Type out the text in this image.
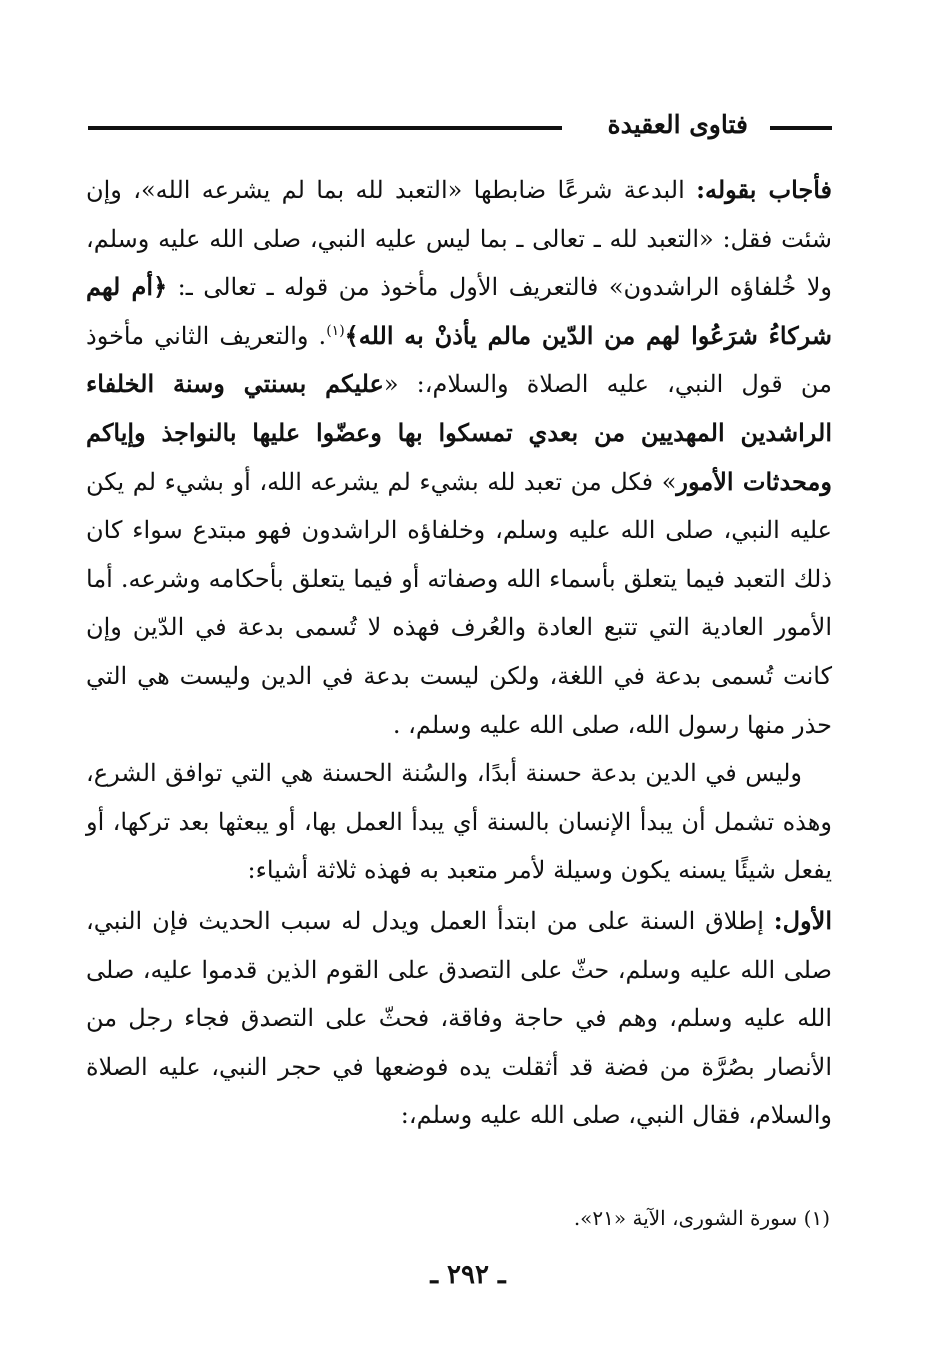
فتاوى العقيدة

فأجاب بقوله: البدعة شرعًا ضابطها «التعبد لله بما لم يشرعه الله»، وإن شئت فقل: «التعبد لله ـ تعالى ـ بما ليس عليه النبي، صلى الله عليه وسلم، ولا خُلفاؤه الراشدون» فالتعريف الأول مأخوذ من قوله ـ تعالى ـ: ﴿أم لهم شركاءُ شرَعُوا لهم من الدّين مالم يأذنْ به الله﴾$^{(١)}$. والتعريف الثاني مأخوذ من قول النبي، عليه الصلاة والسلام،: «عليكم بسنتي وسنة الخلفاء الراشدين المهديين من بعدي تمسكوا بها وعضّوا عليها بالنواجذ وإياكم ومحدثات الأمور» فكل من تعبد لله بشيء لم يشرعه الله، أو بشيء لم يكن عليه النبي، صلى الله عليه وسلم، وخلفاؤه الراشدون فهو مبتدع سواء كان ذلك التعبد فيما يتعلق بأسماء الله وصفاته أو فيما يتعلق بأحكامه وشرعه. أما الأمور العادية التي تتبع العادة والعُرف فهذه لا تُسمى بدعة في الدّين وإن كانت تُسمى بدعة في اللغة، ولكن ليست بدعة في الدين وليست هي التي حذر منها رسول الله، صلى الله عليه وسلم، .

وليس في الدين بدعة حسنة أبدًا، والسُنة الحسنة هي التي توافق الشرع، وهذه تشمل أن يبدأ الإنسان بالسنة أي يبدأ العمل بها، أو يبعثها بعد تركها، أو يفعل شيئًا يسنه يكون وسيلة لأمر متعبد به فهذه ثلاثة أشياء:

الأول: إطلاق السنة على من ابتدأ العمل ويدل له سبب الحديث فإن النبي، صلى الله عليه وسلم، حثّ على التصدق على القوم الذين قدموا عليه، صلى الله عليه وسلم، وهم في حاجة وفاقة، فحثّ على التصدق فجاء رجل من الأنصار بصُرَّة من فضة قد أثقلت يده فوضعها في حجر النبي، عليه الصلاة والسلام، فقال النبي، صلى الله عليه وسلم،:

(١) سورة الشورى، الآية «٢١».
ـ ٢٩٢ ـ
